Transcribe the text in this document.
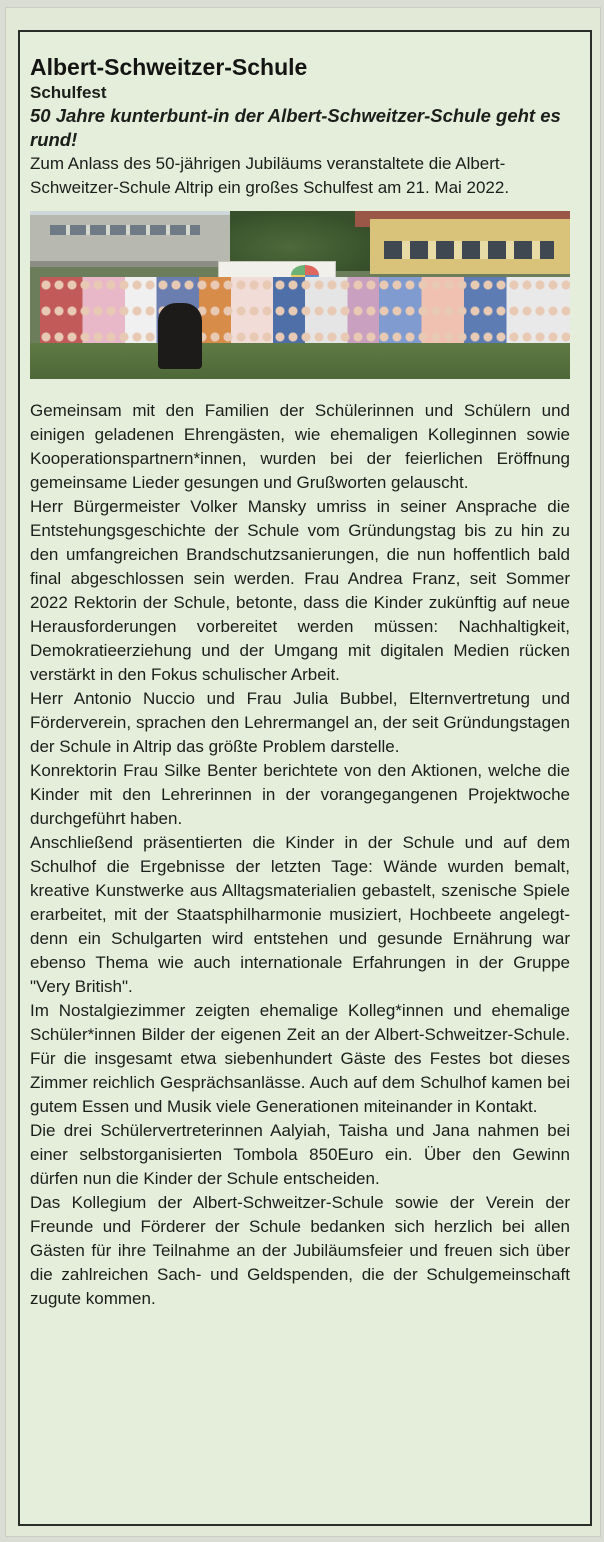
Albert-Schweitzer-Schule
Schulfest
50 Jahre kunterbunt-in der Albert-Schweitzer-Schule geht es rund!

Zum Anlass des 50-jährigen Jubiläums veranstaltete die Albert-Schweitzer-Schule Altrip ein großes Schulfest am 21. Mai 2022.

Gemeinsam mit den Familien der Schülerinnen und Schülern und einigen geladenen Ehrengästen, wie ehemaligen Kolleginnen sowie Kooperationspartnern*innen, wurden bei der feierlichen Eröffnung gemeinsame Lieder gesungen und Grußworten gelauscht.

Herr Bürgermeister Volker Mansky umriss in seiner Ansprache die Entstehungsgeschichte der Schule vom Gründungstag bis zu hin zu den umfangreichen Brandschutzsanierungen, die nun hoffentlich bald final abgeschlossen sein werden. Frau Andrea Franz, seit Sommer 2022 Rektorin der Schule, betonte, dass die Kinder zukünftig auf neue Herausforderungen vorbereitet werden müssen: Nachhaltigkeit, Demokratieerziehung und der Umgang mit digitalen Medien rücken verstärkt in den Fokus schulischer Arbeit.

Herr Antonio Nuccio und Frau Julia Bubbel, Elternvertretung und Förderverein, sprachen den Lehrermangel an, der seit Gründungstagen der Schule in Altrip das größte Problem darstelle.

Konrektorin Frau Silke Benter berichtete von den Aktionen, welche die Kinder mit den Lehrerinnen in der vorangegangenen Projektwoche durchgeführt haben.

Anschließend präsentierten die Kinder in der Schule und auf dem Schulhof die Ergebnisse der letzten Tage: Wände wurden bemalt, kreative Kunstwerke aus Alltagsmaterialien gebastelt, szenische Spiele erarbeitet, mit der Staatsphilharmonie musiziert, Hochbeete angelegt-denn ein Schulgarten wird entstehen und gesunde Ernährung war ebenso Thema wie auch internationale Erfahrungen in der Gruppe "Very British".

Im Nostalgiezimmer zeigten ehemalige Kolleg*innen und ehemalige Schüler*innen Bilder der eigenen Zeit an der Albert-Schweitzer-Schule. Für die insgesamt etwa siebenhundert Gäste des Festes bot dieses Zimmer reichlich Gesprächsanlässe. Auch auf dem Schulhof kamen bei gutem Essen und Musik viele Generationen miteinander in Kontakt.

Die drei Schülervertreterinnen Aalyiah, Taisha und Jana nahmen bei einer selbstorganisierten Tombola 850Euro ein. Über den Gewinn dürfen nun die Kinder der Schule entscheiden.

Das Kollegium der Albert-Schweitzer-Schule sowie der Verein der Freunde und Förderer der Schule bedanken sich herzlich bei allen Gästen für ihre Teilnahme an der Jubiläumsfeier und freuen sich über die zahlreichen Sach- und Geldspenden, die der Schulgemeinschaft zugute kommen.
